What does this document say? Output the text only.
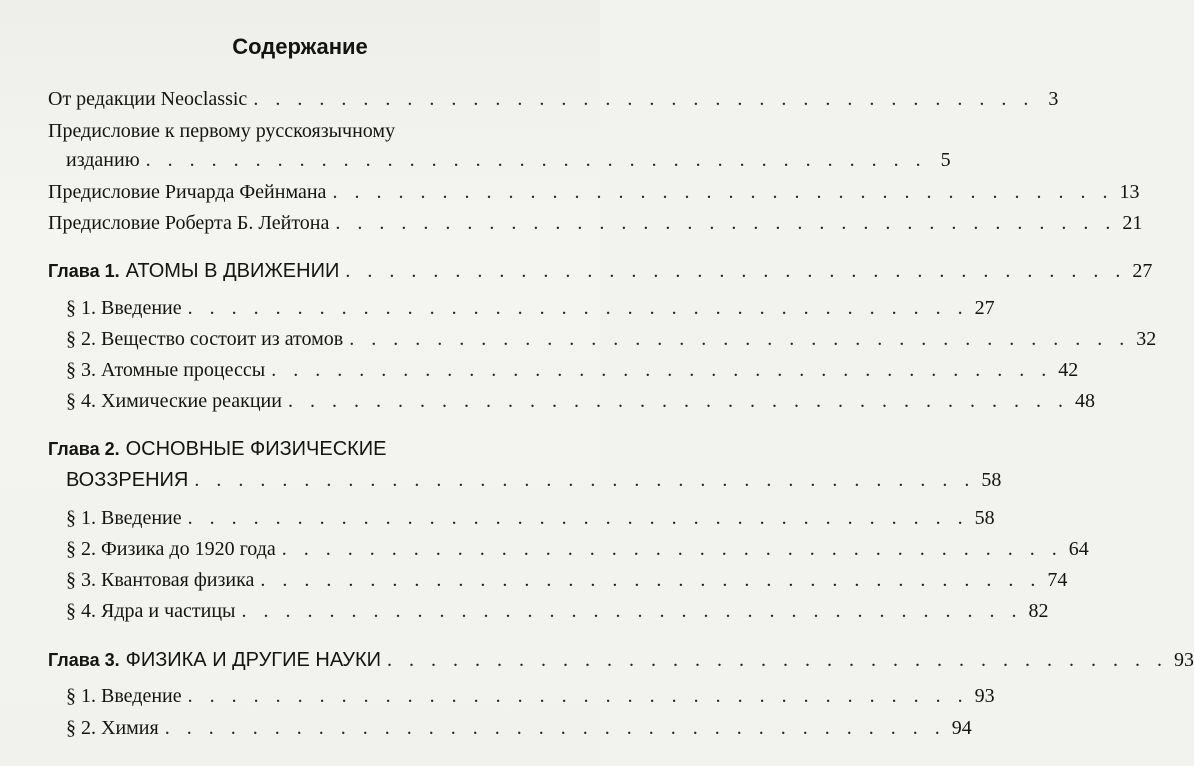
Содержание
От редакции Neoclassic . . . . . . . . . . . . . . . . . . . . . . . . . . . . . . . . . . . . 3
Предисловие к первому русскоязычному
изданию . . . . . . . . . . . . . . . . . . . . . . . . . . . . . . . . . . . . 5
Предисловие Ричарда Фейнмана . . . . . . . . . . . . . . . . . . . . . . . . . . . . . . . . . . . . 13
Предисловие Роберта Б. Лейтона . . . . . . . . . . . . . . . . . . . . . . . . . . . . . . . . . . . . 21
Глава 1. АТОМЫ В ДВИЖЕНИИ . . . . . . . . . . . . . . . . . . . . . . . . . . . . . . . . . . . . 27
§ 1. Введение . . . . . . . . . . . . . . . . . . . . . . . . . . . . . . . . . . . . 27
§ 2. Вещество состоит из атомов . . . . . . . . . . . . . . . . . . . . . . . . . . . . . . . . . . . . 32
§ 3. Атомные процессы . . . . . . . . . . . . . . . . . . . . . . . . . . . . . . . . . . . . 42
§ 4. Химические реакции . . . . . . . . . . . . . . . . . . . . . . . . . . . . . . . . . . . . 48
Глава 2. ОСНОВНЫЕ ФИЗИЧЕСКИЕ
ВОЗЗРЕНИЯ . . . . . . . . . . . . . . . . . . . . . . . . . . . . . . . . . . . . 58
§ 1. Введение . . . . . . . . . . . . . . . . . . . . . . . . . . . . . . . . . . . . 58
§ 2. Физика до 1920 года . . . . . . . . . . . . . . . . . . . . . . . . . . . . . . . . . . . . 64
§ 3. Квантовая физика . . . . . . . . . . . . . . . . . . . . . . . . . . . . . . . . . . . . 74
§ 4. Ядра и частицы . . . . . . . . . . . . . . . . . . . . . . . . . . . . . . . . . . . . 82
Глава 3. ФИЗИКА И ДРУГИЕ НАУКИ . . . . . . . . . . . . . . . . . . . . . . . . . . . . . . . . . . . . 93
§ 1. Введение . . . . . . . . . . . . . . . . . . . . . . . . . . . . . . . . . . . . 93
§ 2. Химия . . . . . . . . . . . . . . . . . . . . . . . . . . . . . . . . . . . . 94
